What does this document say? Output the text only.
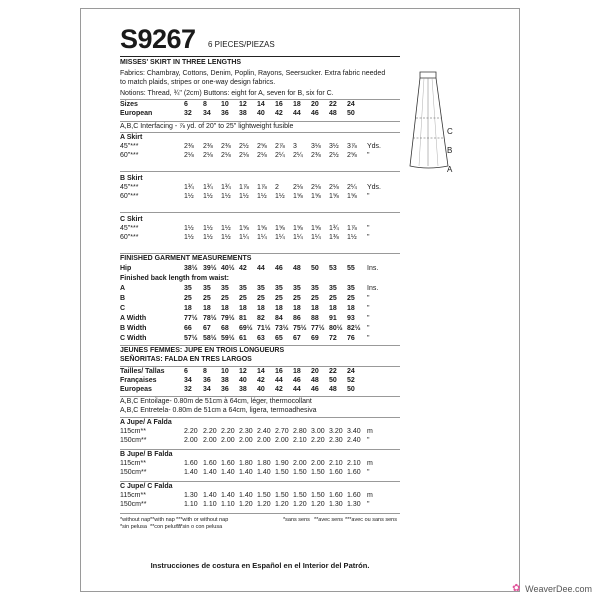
S9267 6 PIECES/PIEZAS
MISSES' SKIRT IN THREE LENGTHS
Fabrics: Chambray, Cottons, Denim, Poplin, Rayons, Seersucker. Extra fabric needed
to match plaids, stripes or one-way design fabrics.
Notions: Thread, ¾" (2cm) Buttons: eight for A, seven for B, six for C.
C
B
A
Sizes	6 8 10 12 14 16 18 20 22 24
European	32 34 36 38 40 42 44 46 48 50
A,B,C Interfacing - ⅞ yd. of 20" to 25" lightweight fusible
A Skirt
45"***	2⅜ 2⅜ 2⅜ 2½ 2⅝ 2⅞ 3 3⅛ 3½ 3⅞ Yds.
60"***	2⅛ 2⅛ 2⅛ 2⅛ 2⅛ 2¼ 2¼ 2⅜ 2½ 2⅝ "
B Skirt
45"***	1¾ 1¾ 1¾ 1⅞ 1⅞ 2 2⅛ 2⅛ 2⅛ 2¼ Yds.
60"***	1½ 1½ 1½ 1½ 1½ 1½ 1⅝ 1⅝ 1⅝ 1⅝ "
C Skirt
45"***	1½ 1½ 1½ 1⅝ 1⅝ 1⅝ 1⅝ 1⅝ 1¾ 1⅞ "
60"***	1½ 1½ 1½ 1¼ 1¼ 1¼ 1¼ 1¼ 1⅜ 1½ "
FINISHED GARMENT MEASUREMENTS
Hip	38½ 39½ 40½ 42 44 46 48 50 53 55 Ins.
Finished back length from waist:
A	35 35 35 35 35 35 35 35 35 35 Ins.
B	25 25 25 25 25 25 25 25 25 25 "
C	18 18 18 18 18 18 18 18 18 18 "
A Width	77½ 78½ 79½ 81 82 84 86 88 91 93 "
B Width	66 67 68 69½ 71½ 73½ 75½ 77½ 80½ 82½ "
C Width	57½ 58½ 59½ 61 63 65 67 69 72 76 "
JEUNES FEMMES: JUPE EN TROIS LONGUEURS
SEÑORITAS: FALDA EN TRES LARGOS
Tailles/ Tallas	6 8 10 12 14 16 18 20 22 24
Françaises	34 36 38 40 42 44 46 48 50 52
Europeas	32 34 36 38 40 42 44 46 48 50
A,B,C Entoilage- 0.80m de 51cm à 64cm, léger, thermocollant
A,B,C Entretela- 0.80m de 51cm a 64cm, ligera, termoadhesiva
A Jupe/ A Falda
115cm**	2.20 2.20 2.20 2.30 2.40 2.70 2.80 3.00 3.20 3.40 m
150cm**	2.00 2.00 2.00 2.00 2.00 2.00 2.10 2.20 2.30 2.40 "
B Jupe/ B Falda
115cm**	1.60 1.60 1.60 1.80 1.80 1.90 2.00 2.00 2.10 2.10 m
150cm**	1.40 1.40 1.40 1.40 1.40 1.50 1.50 1.50 1.60 1.60 "
C Jupe/ C Falda
115cm**	1.30 1.40 1.40 1.40 1.50 1.50 1.50 1.50 1.60 1.60 m
150cm**	1.10 1.10 1.10 1.20 1.20 1.20 1.20 1.20 1.30 1.30 "
*without nap **with nap ***with or without nap	*sans sens **avec sens ***avec ou sans sens
*sin pelusa **con pelusa
***sin o con pelusa
Instrucciones de costura en Español en el Interior del Patrón.
✿ WeaverDee.com
